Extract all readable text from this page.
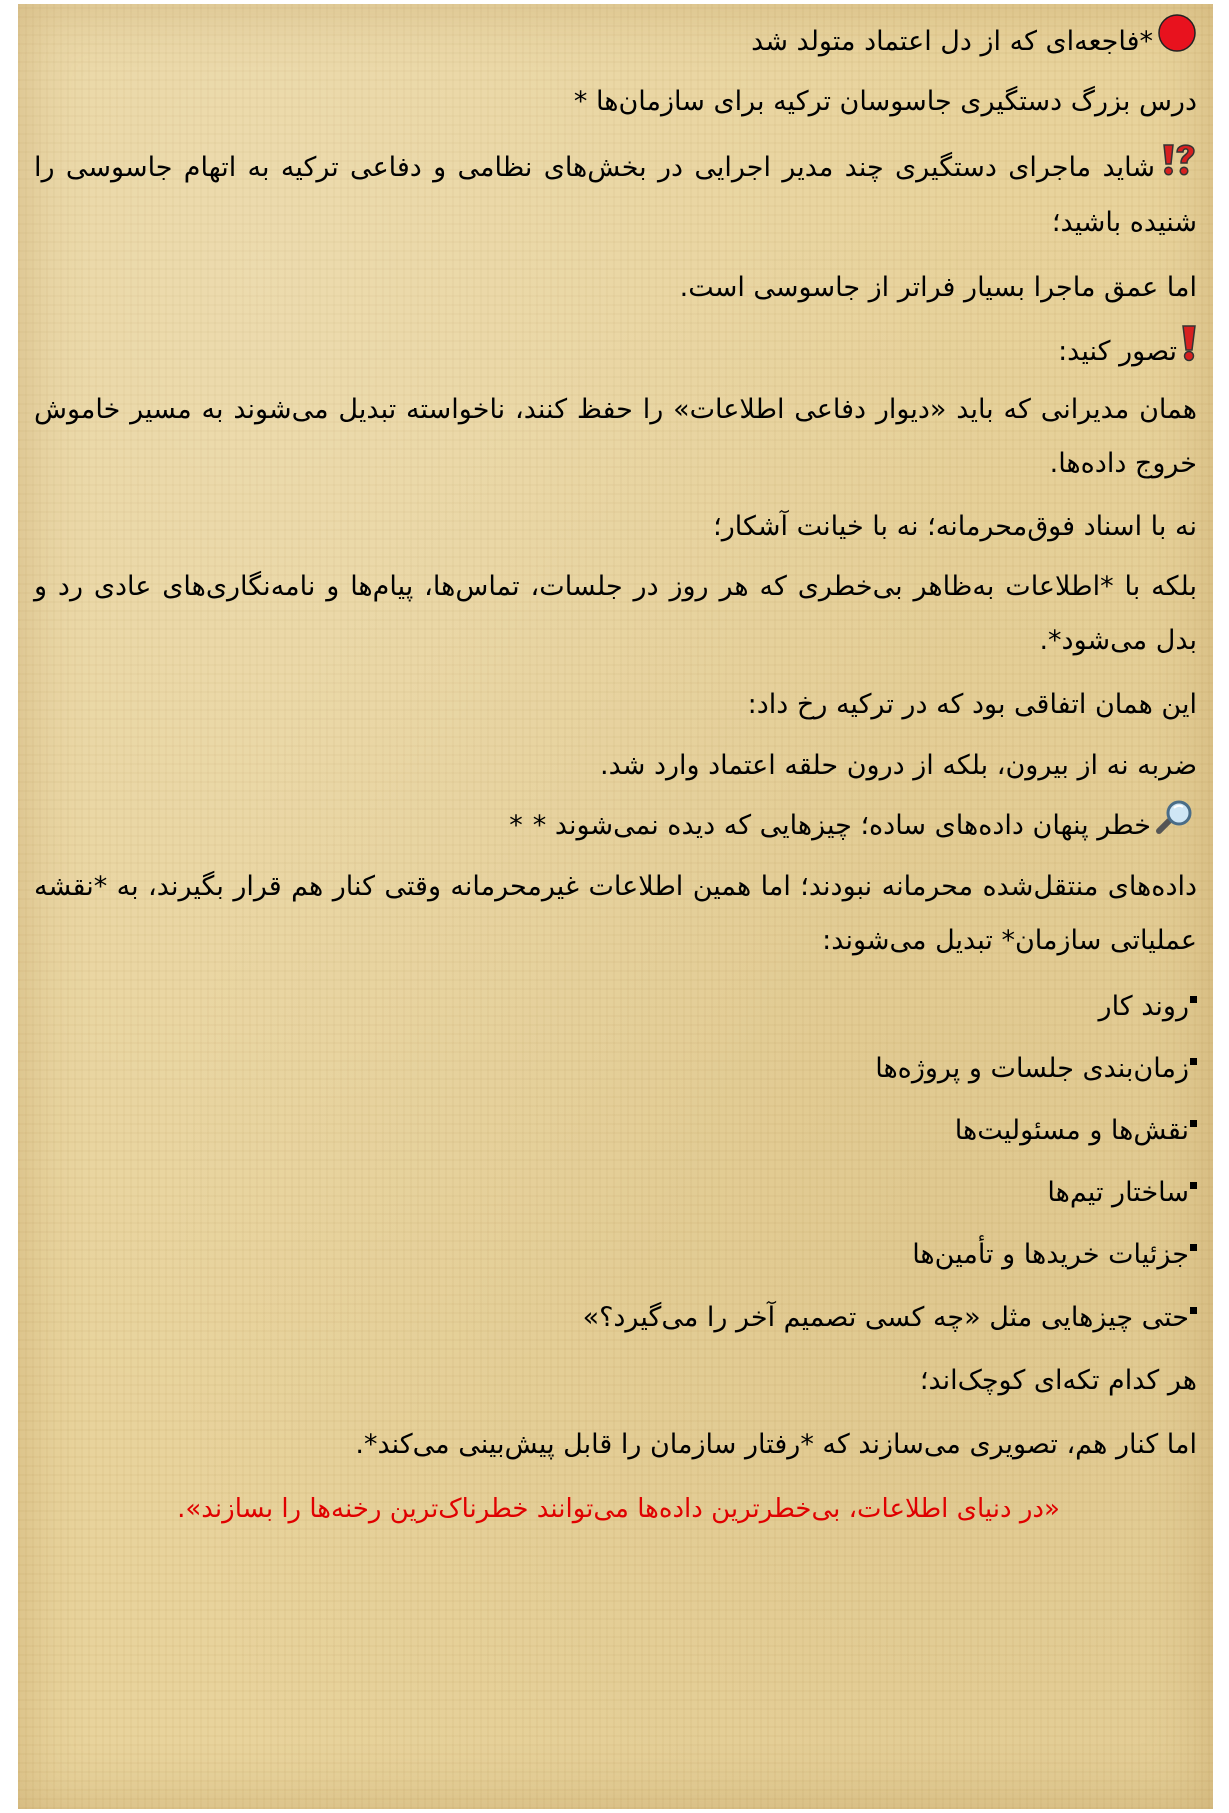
*فاجعه‌ای که از دل اعتماد متولد شد

درس بزرگ دستگیری جاسوسان ترکیه برای سازمان‌ها *

شاید ماجرای دستگیری چند مدیر اجرایی در بخش‌های نظامی و دفاعی ترکیه به اتهام جاسوسی را شنیده باشید؛

اما عمق ماجرا بسیار فراتر از جاسوسی است.

تصور کنید:

همان مدیرانی که باید «دیوار دفاعی اطلاعات» را حفظ کنند، ناخواسته تبدیل می‌شوند به مسیر خاموش خروج داده‌ها.

نه با اسناد فوق‌محرمانه؛ نه با خیانت آشکار؛

بلکه با *اطلاعات به‌ظاهر بی‌خطری که هر روز در جلسات، تماس‌ها، پیام‌ها و نامه‌نگاری‌های عادی رد و بدل می‌شود*.

این همان اتفاقی بود که در ترکیه رخ داد:

ضربه نه از بیرون، بلکه از درون حلقه اعتماد وارد شد.

خطر پنهان داده‌های ساده؛ چیزهایی که دیده نمی‌شوند **

داده‌های منتقل‌شده محرمانه نبودند؛ اما همین اطلاعات غیرمحرمانه وقتی کنار هم قرار بگیرند، به *نقشه عملیاتی سازمان* تبدیل می‌شوند:

روند کار

زمان‌بندی جلسات و پروژه‌ها

نقش‌ها و مسئولیت‌ها

ساختار تیم‌ها

جزئیات خریدها و تأمین‌ها

حتی چیزهایی مثل «چه کسی تصمیم آخر را می‌گیرد؟»

هر کدام تکه‌ای کوچک‌اند؛

اما کنار هم، تصویری می‌سازند که *رفتار سازمان را قابل پیش‌بینی می‌کند*.

«در دنیای اطلاعات، بی‌خطرترین داده‌ها می‌توانند خطرناک‌ترین رخنه‌ها را بسازند».
